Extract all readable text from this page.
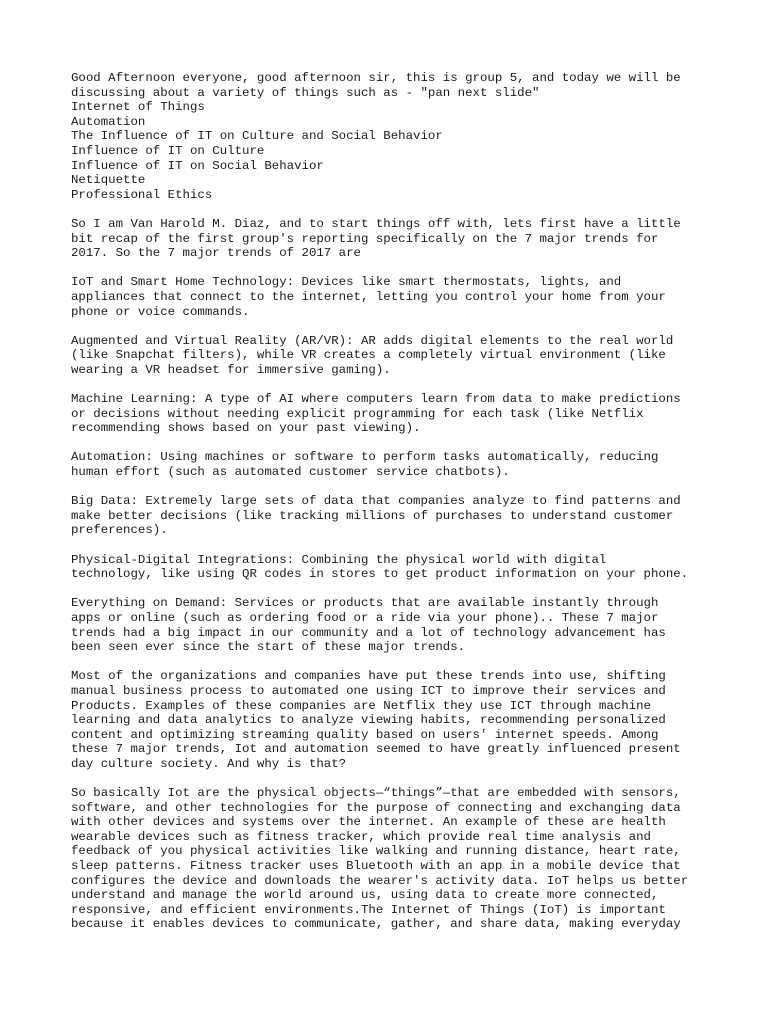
Good Afternoon everyone, good afternoon sir, this is group 5, and today we will be
discussing about a variety of things such as - "pan next slide"
Internet of Things
Automation
The Influence of IT on Culture and Social Behavior
Influence of IT on Culture
Influence of IT on Social Behavior
Netiquette
Professional Ethics
So I am Van Harold M. Diaz, and to start things off with, lets first have a little
bit recap of the first group's reporting specifically on the 7 major trends for
2017. So the 7 major trends of 2017 are
IoT and Smart Home Technology: Devices like smart thermostats, lights, and
appliances that connect to the internet, letting you control your home from your
phone or voice commands.
Augmented and Virtual Reality (AR/VR): AR adds digital elements to the real world
(like Snapchat filters), while VR creates a completely virtual environment (like
wearing a VR headset for immersive gaming).
Machine Learning: A type of AI where computers learn from data to make predictions
or decisions without needing explicit programming for each task (like Netflix
recommending shows based on your past viewing).
Automation: Using machines or software to perform tasks automatically, reducing
human effort (such as automated customer service chatbots).
Big Data: Extremely large sets of data that companies analyze to find patterns and
make better decisions (like tracking millions of purchases to understand customer
preferences).
Physical-Digital Integrations: Combining the physical world with digital
technology, like using QR codes in stores to get product information on your phone.
Everything on Demand: Services or products that are available instantly through
apps or online (such as ordering food or a ride via your phone).. These 7 major
trends had a big impact in our community and a lot of technology advancement has
been seen ever since the start of these major trends.
Most of the organizations and companies have put these trends into use, shifting
manual business process to automated one using ICT to improve their services and
Products. Examples of these companies are Netflix they use ICT through machine
learning and data analytics to analyze viewing habits, recommending personalized
content and optimizing streaming quality based on users' internet speeds. Among
these 7 major trends, Iot and automation seemed to have greatly influenced present
day culture society. And why is that?
So basically Iot are the physical objects—“things”—that are embedded with sensors,
software, and other technologies for the purpose of connecting and exchanging data
with other devices and systems over the internet. An example of these are health
wearable devices such as fitness tracker, which provide real time analysis and
feedback of you physical activities like walking and running distance, heart rate,
sleep patterns. Fitness tracker uses Bluetooth with an app in a mobile device that
configures the device and downloads the wearer's activity data. IoT helps us better
understand and manage the world around us, using data to create more connected,
responsive, and efficient environments.The Internet of Things (IoT) is important
because it enables devices to communicate, gather, and share data, making everyday
